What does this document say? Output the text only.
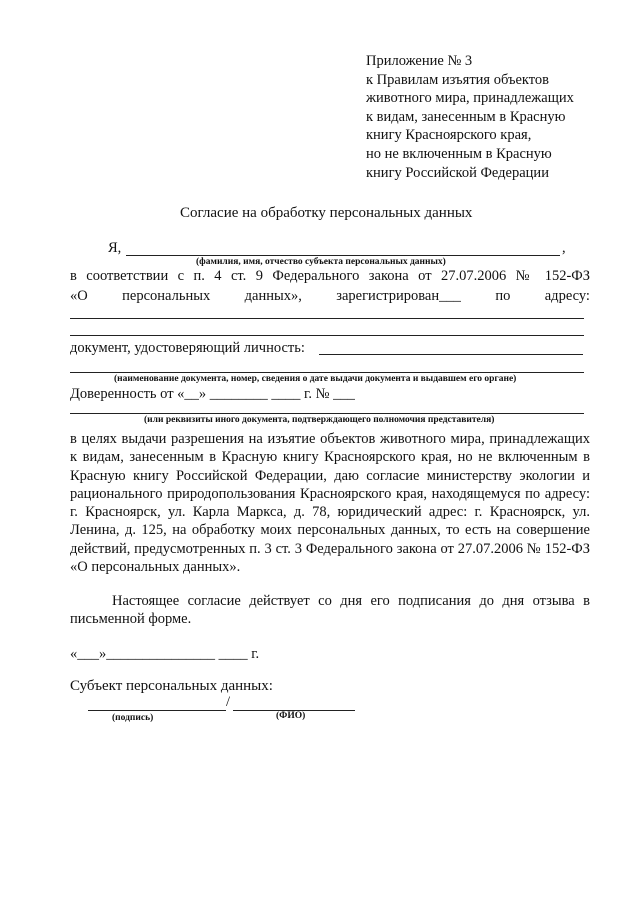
Приложение № 3
к Правилам изъятия объектов
животного мира, принадлежащих
к видам, занесенным в Красную
книгу Красноярского края,
но не включенным в Красную
книгу Российской Федерации
Согласие на обработку персональных данных
Я,	,
(фамилия, имя, отчество субъекта персональных данных)
в соответствии с п. 4 ст. 9 Федерального закона от 27.07.2006 № 152-ФЗ
«О персональных данных», зарегистрирован___ по адресу:
документ, удостоверяющий личность:
(наименование документа, номер, сведения о дате выдачи документа и выдавшем его органе)
Доверенность от «__» ________ ____ г. № ___
(или реквизиты иного документа, подтверждающего полномочия представителя)
в целях выдачи разрешения на изъятие объектов животного мира, принадлежащих к видам, занесенным в Красную книгу Красноярского края, но не включенным в Красную книгу Российской Федерации, даю согласие министерству экологии и рационального природопользования Красноярского края, находящемуся по адресу: г. Красноярск, ул. Карла Маркса, д. 78, юридический адрес: г. Красноярск, ул. Ленина, д. 125, на обработку моих персональных данных, то есть на совершение действий, предусмотренных п. 3 ст. 3 Федерального закона от 27.07.2006 № 152-ФЗ «О персональных данных».
Настоящее согласие действует со дня его подписания до дня отзыва в письменной форме.
«___»_______________ ____ г.
Субъект персональных данных:
/
(подпись)	(ФИО)
